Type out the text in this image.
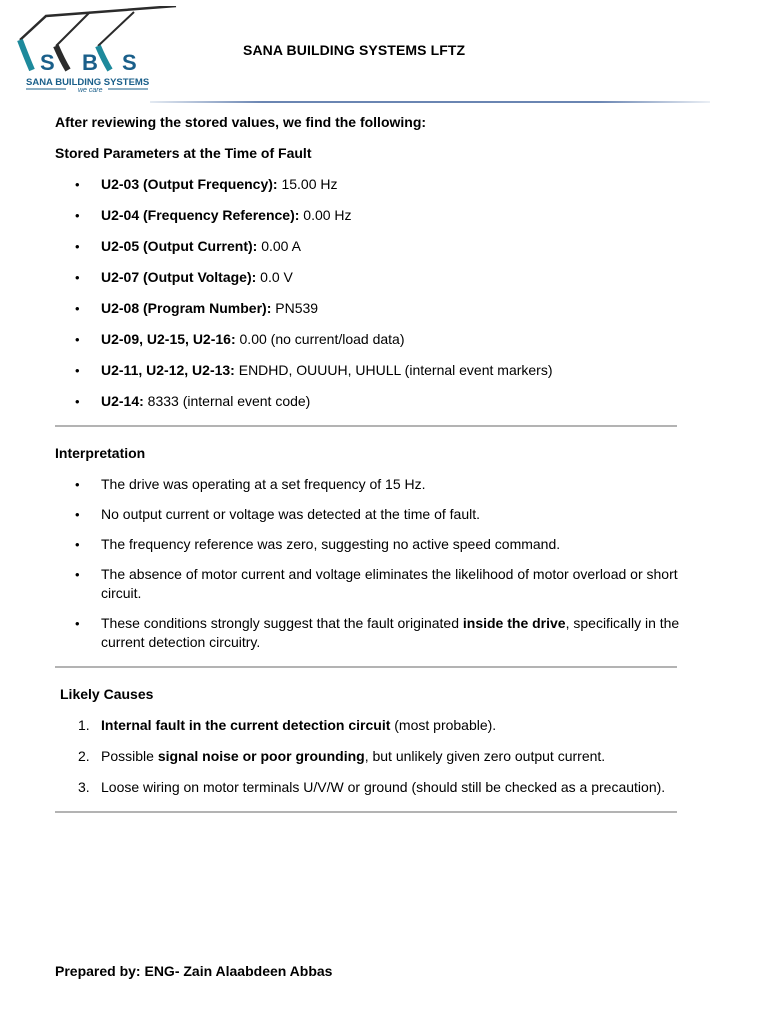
S B S
SANA BUILDING SYSTEMS
we care
SANA BUILDING SYSTEMS LFTZ
After reviewing the stored values, we find the following:
Stored Parameters at the Time of Fault
• U2-03 (Output Frequency): 15.00 Hz
• U2-04 (Frequency Reference): 0.00 Hz
• U2-05 (Output Current): 0.00 A
• U2-07 (Output Voltage): 0.0 V
• U2-08 (Program Number): PN539
• U2-09, U2-15, U2-16: 0.00 (no current/load data)
• U2-11, U2-12, U2-13: ENDHD, OUUUH, UHULL (internal event markers)
• U2-14: 8333 (internal event code)
Interpretation
• The drive was operating at a set frequency of 15 Hz.
• No output current or voltage was detected at the time of fault.
• The frequency reference was zero, suggesting no active speed command.
• The absence of motor current and voltage eliminates the likelihood of motor overload or short circuit.
• These conditions strongly suggest that the fault originated inside the drive, specifically in the current detection circuitry.
Likely Causes
1. Internal fault in the current detection circuit (most probable).
2. Possible signal noise or poor grounding, but unlikely given zero output current.
3. Loose wiring on motor terminals U/V/W or ground (should still be checked as a precaution).
Prepared by: ENG- Zain Alaabdeen Abbas
